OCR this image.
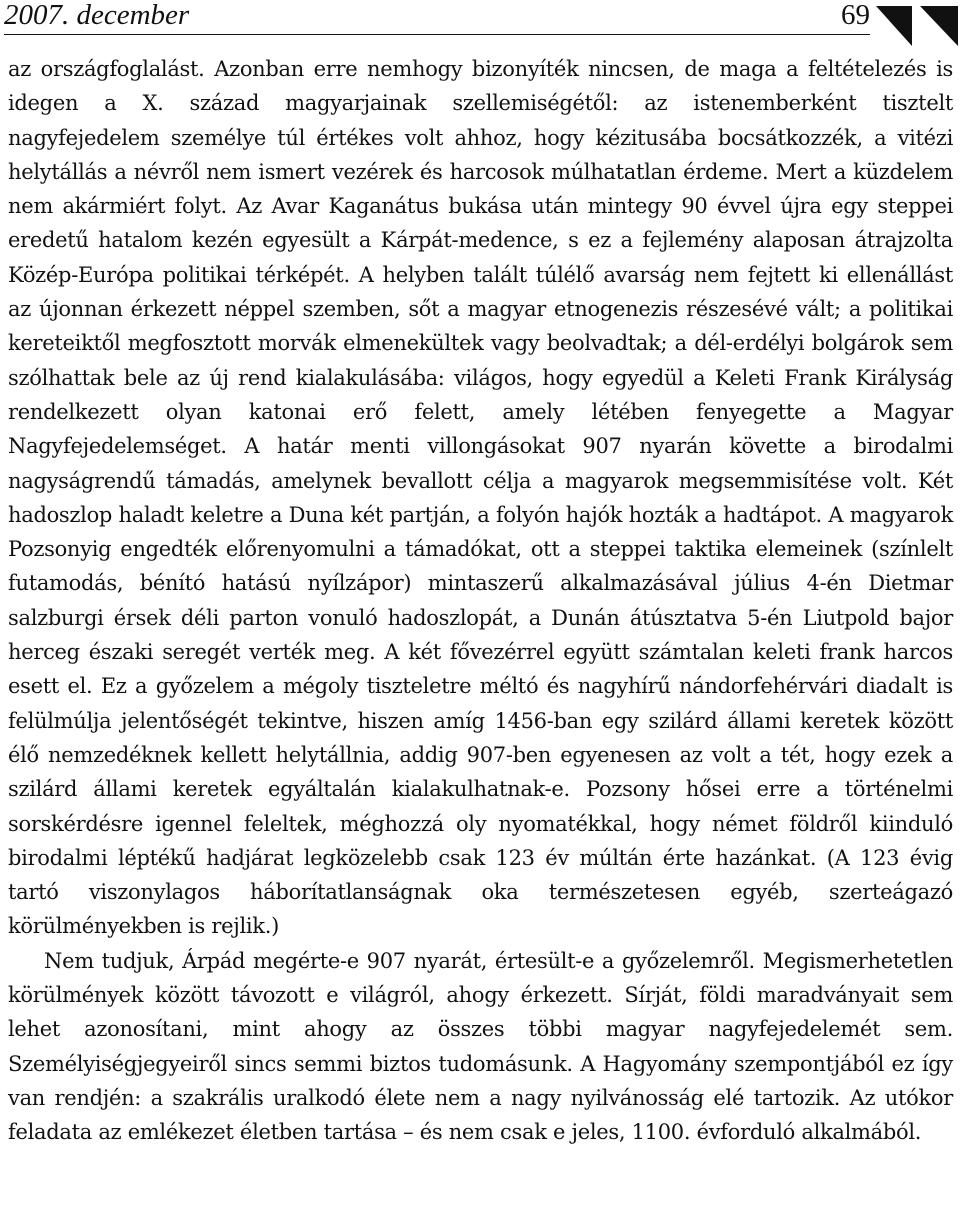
2007. december	69

az országfoglalást. Azonban erre nemhogy bizonyíték nincsen, de maga a feltételezés is idegen a X. század magyarjainak szellemiségétől: az istenemberként tisztelt nagyfejedelem személye túl értékes volt ahhoz, hogy kézitusába bocsátkozzék, a vitézi helytállás a névről nem ismert vezérek és harcosok múlhatatlan érdeme. Mert a küzdelem nem akármiért folyt. Az Avar Kaganátus bukása után mintegy 90 évvel újra egy steppei eredetű hatalom kezén egyesült a Kárpát-medence, s ez a fejlemény alaposan átrajzolta Közép-Európa politikai térképét. A helyben talált túlélő avarság nem fejtett ki ellenállást az újonnan érkezett néppel szemben, sőt a magyar etnogenezis részesévé vált; a politikai kereteiktől megfosztott morvák elmenekültek vagy beolvadtak; a dél-erdélyi bolgárok sem szólhattak bele az új rend kialakulásába: világos, hogy egyedül a Keleti Frank Királyság rendelkezett olyan katonai erő felett, amely létében fenyegette a Magyar Nagyfejedelemséget. A határ menti villongásokat 907 nyarán követte a birodalmi nagyságrendű támadás, amelynek bevallott célja a magyarok megsemmisítése volt. Két hadoszlop haladt keletre a Duna két partján, a folyón hajók hozták a hadtápot. A magyarok Pozsonyig engedték előrenyomulni a támadókat, ott a steppei taktika elemeinek (színlelt futamodás, bénító hatású nyílzápor) mintaszerű alkalmazásával július 4-én Dietmar salzburgi érsek déli parton vonuló hadoszlopát, a Dunán átúsztatva 5-én Liutpold bajor herceg északi seregét verték meg. A két fővezérrel együtt számtalan keleti frank harcos esett el. Ez a győzelem a mégoly tiszteletre méltó és nagyhírű nándorfehérvári diadalt is felülmúlja jelentőségét tekintve, hiszen amíg 1456-ban egy szilárd állami keretek között élő nemzedéknek kellett helytállnia, addig 907-ben egyenesen az volt a tét, hogy ezek a szilárd állami keretek egyáltalán kialakulhatnak-e. Pozsony hősei erre a történelmi sorskérdésre igennel feleltek, méghozzá oly nyomatékkal, hogy német földről kiinduló birodalmi léptékű hadjárat legközelebb csak 123 év múltán érte hazánkat. (A 123 évig tartó viszonylagos háborítatlanságnak oka természetesen egyéb, szerteágazó körülményekben is rejlik.)

Nem tudjuk, Árpád megérte-e 907 nyarát, értesült-e a győzelemről. Megismerhetetlen körülmények között távozott e világról, ahogy érkezett. Sírját, földi maradványait sem lehet azonosítani, mint ahogy az összes többi magyar nagyfejedelemét sem. Személyiségjegyeiről sincs semmi biztos tudomásunk. A Hagyomány szempontjából ez így van rendjén: a szakrális uralkodó élete nem a nagy nyilvánosság elé tartozik. Az utókor feladata az emlékezet életben tartása – és nem csak e jeles, 1100. évforduló alkalmából.
